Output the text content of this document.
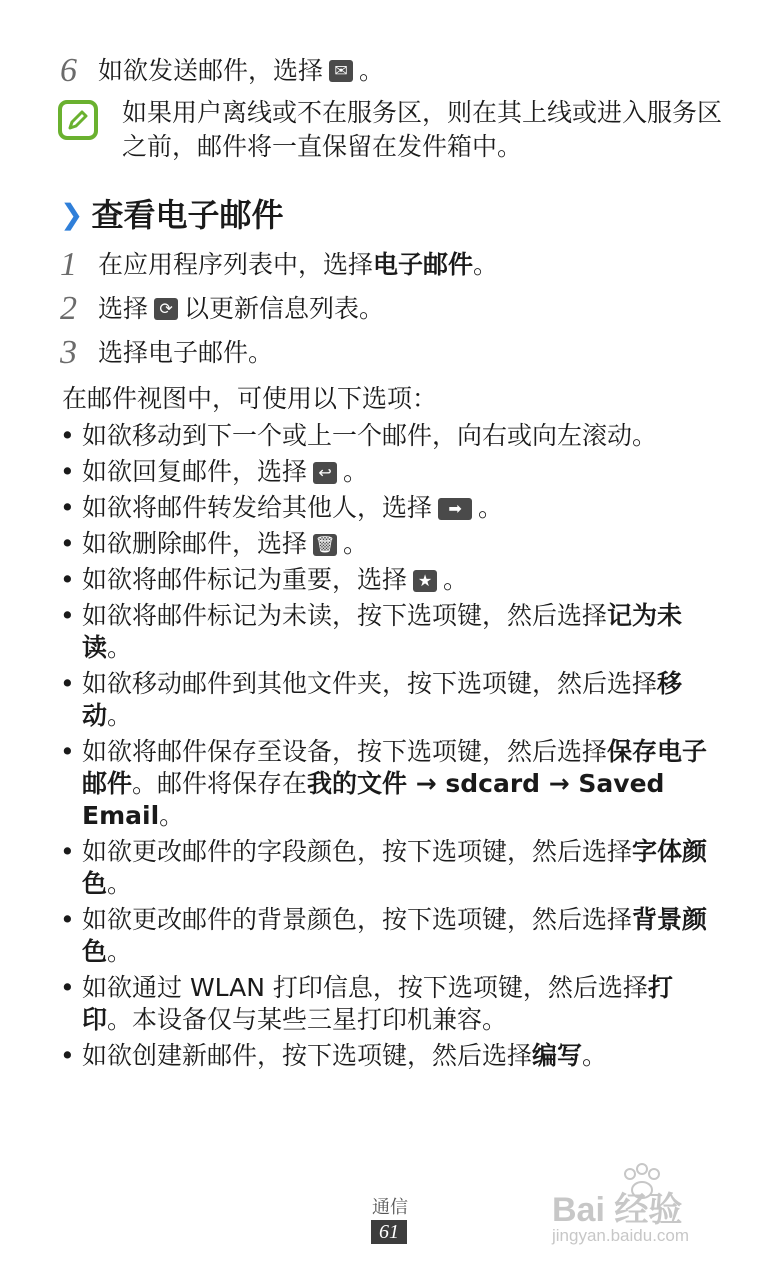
6 如欲发送邮件，选择 ✉ 。
如果用户离线或不在服务区，则在其上线或进入服务区之前，邮件将一直保留在发件箱中。
❯ 查看电子邮件
1 在应用程序列表中，选择 电子邮件 。
2 选择 ⟳ 以更新信息列表。
3 选择电子邮件。
在邮件视图中，可使用以下选项：
• 如欲移动到下一个或上一个邮件，向右或向左滚动。
• 如欲回复邮件，选择 ↩ 。
• 如欲将邮件转发给其他人，选择 ➡ 。
• 如欲删除邮件，选择 🗑 。
• 如欲将邮件标记为重要，选择 ★ 。
• 如欲将邮件标记为未读，按下选项键，然后选择记为未读。
• 如欲移动邮件到其他文件夹，按下选项键，然后选择移动。
• 如欲将邮件保存至设备，按下选项键，然后选择保存电子邮件。邮件将保存在我的文件 → sdcard → Saved Email。
• 如欲更改邮件的字段颜色，按下选项键，然后选择字体颜色。
• 如欲更改邮件的背景颜色，按下选项键，然后选择背景颜色。
• 如欲通过 WLAN 打印信息，按下选项键，然后选择打印。本设备仅与某些三星打印机兼容。
• 如欲创建新邮件，按下选项键，然后选择编写。
通信
61
Bai 经验
jingyan.baidu.com
